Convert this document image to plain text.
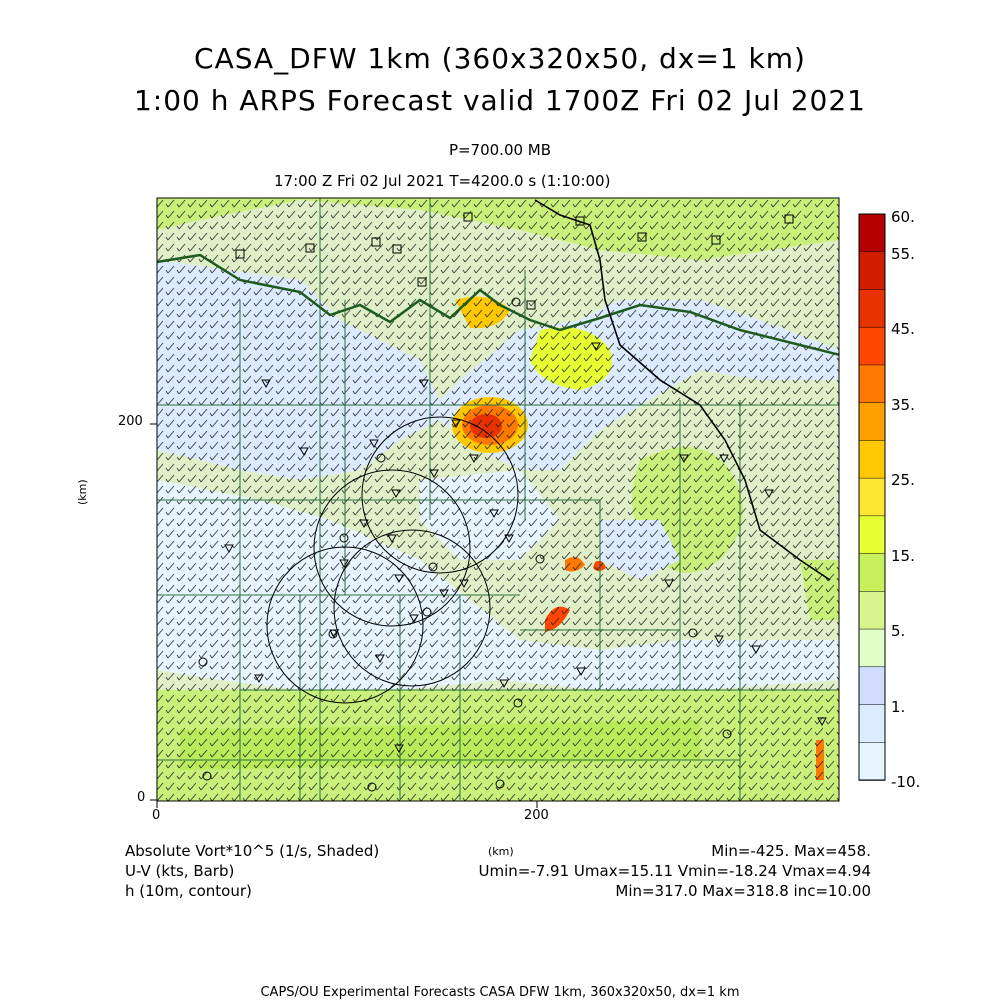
CASA_DFW 1km (360x320x50, dx=1 km)
1:00 h ARPS Forecast valid 1700Z Fri 02 Jul 2021
P=700.00 MB
17:00 Z Fri 02 Jul 2021 T=4200.0 s (1:10:00)
200
0
0	200
(km)
(km)
60.
55.
45.
35.
25.
15.
5.
1.
-10.
Absolute Vort*10^5 (1/s, Shaded)	Min=-425. Max=458.
U-V (kts, Barb)	Umin=-7.91 Umax=15.11 Vmin=-18.24 Vmax=4.94
h (10m, contour)	Min=317.0 Max=318.8 inc=10.00
CAPS/OU Experimental Forecasts CASA DFW 1km, 360x320x50, dx=1 km
